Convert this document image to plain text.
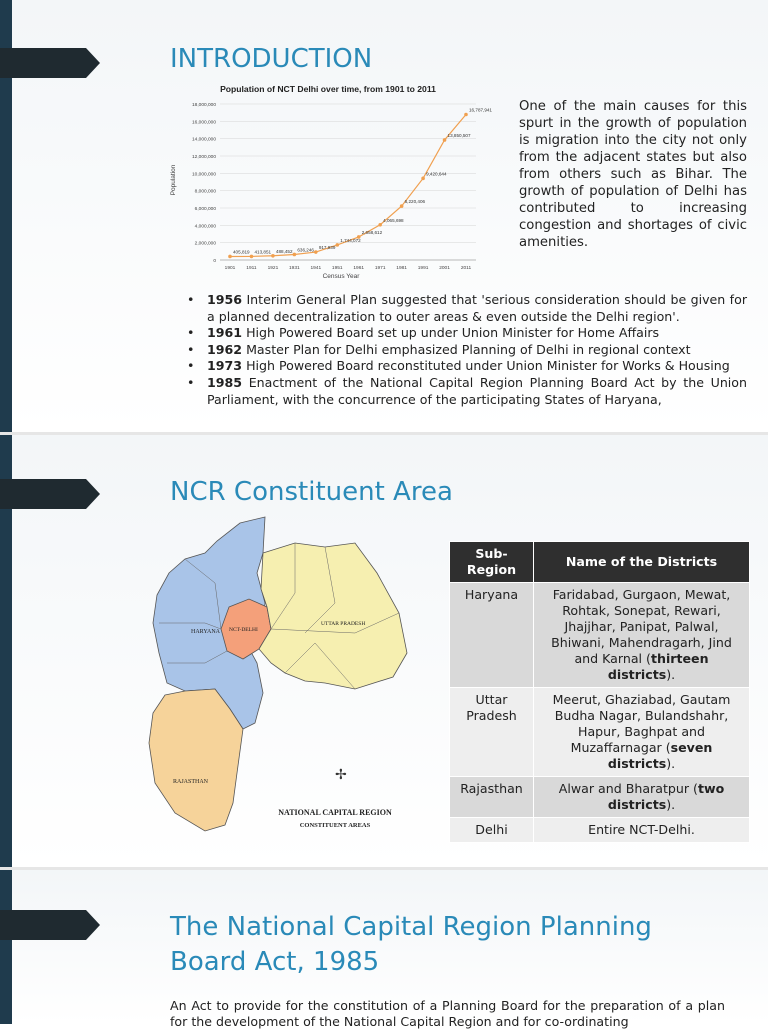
INTRODUCTION
Population of NCT Delhi over time, from 1901 to 2011
0
2,000,000
4,000,000
6,000,000
8,000,000
10,000,000
12,000,000
14,000,000
16,000,000
18,000,000
1901 1911 1921 1931 1941 1951 1961 1971 1981 1991 2001 2011
405,819 413,851 488,452 636,246 917,939
1,744,072
2,658,612
4,065,698
6,220,406
9,420,644
13,850,507
16,787,941
Population
Census Year

One of the main causes for this spurt in the growth of population is migration into the city not only from the adjacent states but also from others such as Bihar. The growth of population of Delhi has contributed to increasing congestion and shortages of civic amenities.

• 1956 Interim General Plan suggested that 'serious consideration should be given for a planned decentralization to outer areas & even outside the Delhi region'.
• 1961 High Powered Board set up under Union Minister for Home Affairs
• 1962 Master Plan for Delhi emphasized Planning of Delhi in regional context
• 1973 High Powered Board reconstituted under Union Minister for Works & Housing
• 1985 Enactment of the National Capital Region Planning Board Act by the Union Parliament, with the concurrence of the participating States of Haryana,
NCR Constituent Area
HARYANA NCT-DELHI
UTTAR PRADESH
RAJASTHAN	✢
NATIONAL CAPITAL REGION
CONSTITUENT AREAS
Sub-Region	Name of the Districts
Haryana	Faridabad, Gurgaon, Mewat, Rohtak, Sonepat, Rewari, Jhajjhar, Panipat, Palwal, Bhiwani, Mahendragarh, Jind and Karnal (thirteen districts).
Uttar Pradesh	Meerut, Ghaziabad, Gautam Budha Nagar, Bulandshahr, Hapur, Baghpat and Muzaffarnagar (seven districts).
Rajasthan	Alwar and Bharatpur (two districts).
Delhi	Entire NCT-Delhi.
The National Capital Region Planning Board Act, 1985

An Act to provide for the constitution of a Planning Board for the preparation of a plan for the development of the National Capital Region and for co-ordinating
